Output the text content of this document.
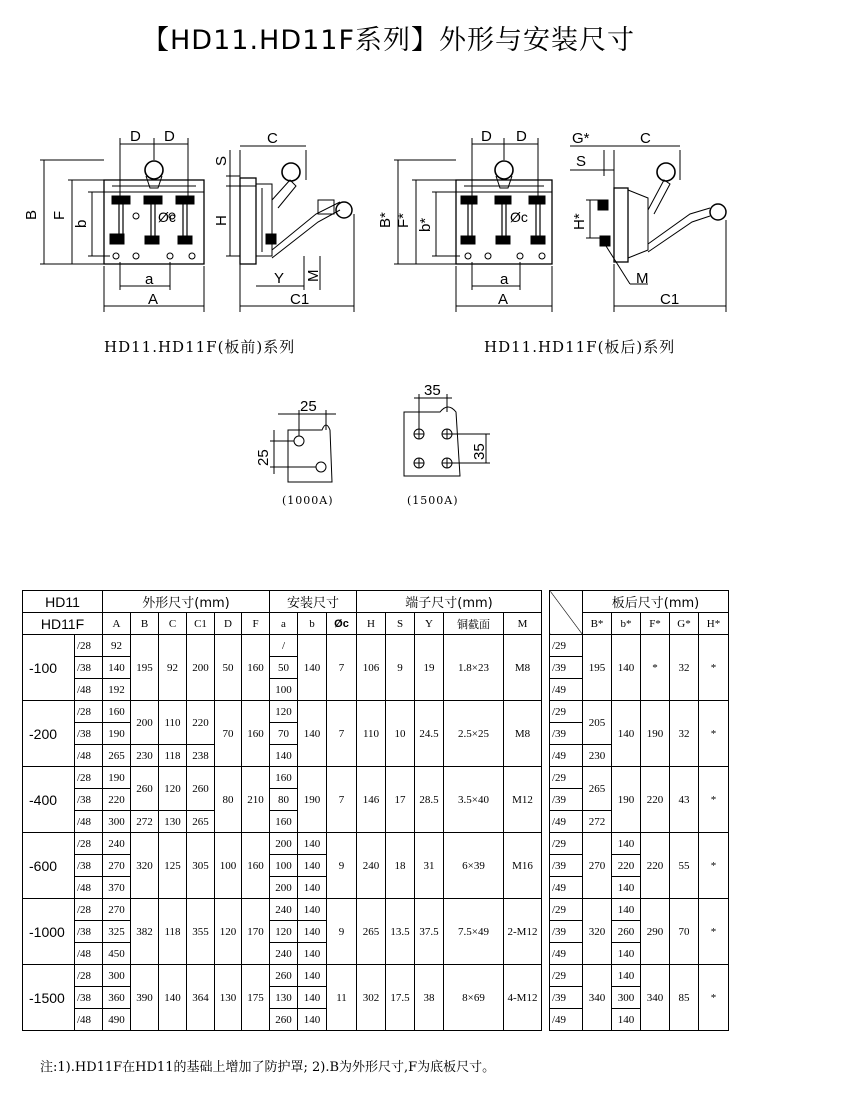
【HD11.HD11F系列】外形与安装尺寸
D D	C
S
B F
b	H
Y M
a
A	C1
Øc
D D	G*	C
S
B* F* b*	H*
M
a
A	C1
Øc
25
25
35
35
HD11.HD11F(板前)系列	HD11.HD11F(板后)系列
(1000A)	(1500A)
HD11		外形尺寸(mm)						安装尺寸			端子尺寸(mm)							板后尺寸(mm)				
HD11F		A	B	C	C1	D	F	a	b	Øc	H	S	Y	铜截面	M			B*	b*	F*	G*	H*
-100	/28	92	195	92	200	50	160	/	140	7	106	9	19	1.8×23	M8		/29	195	140	*	32	*
	/38	140						50									/39					
	/48	192						100									/49					
-200	/28	160	200	110	220	70	160	120	140	7	110	10	24.5	2.5×25	M8		/29	205	140	190	32	*
	/38	190						70									/39					
	/48	265	230	118	238			140									/49	230				
-400	/28	190	260	120	260	80	210	160	190	7	146	17	28.5	3.5×40	M12		/29	265	190	220	43	*
	/38	220						80									/39					
	/48	300	272	130	265			160									/49	272				
-600	/28	240	320	125	305	100	160	200	140	9	240	18	31	6×39	M16		/29	270	140	220	55	*
	/38	270						100	140								/39		220			
	/48	370						200	140								/49		140			
-1000	/28	270	382	118	355	120	170	240	140	9	265	13.5	37.5	7.5×49	2-M12		/29	320	140	290	70	*
	/38	325						120	140								/39		260			
	/48	450						240	140								/49		140			
-1500	/28	300	390	140	364	130	175	260	140	11	302	17.5	38	8×69	4-M12		/29	340	140	340	85	*
	/38	360						130	140								/39		300			
	/48	490						260	140								/49		140			
注:1).HD11F在HD11的基础上增加了防护罩; 2).B为外形尺寸,F为底板尺寸。
